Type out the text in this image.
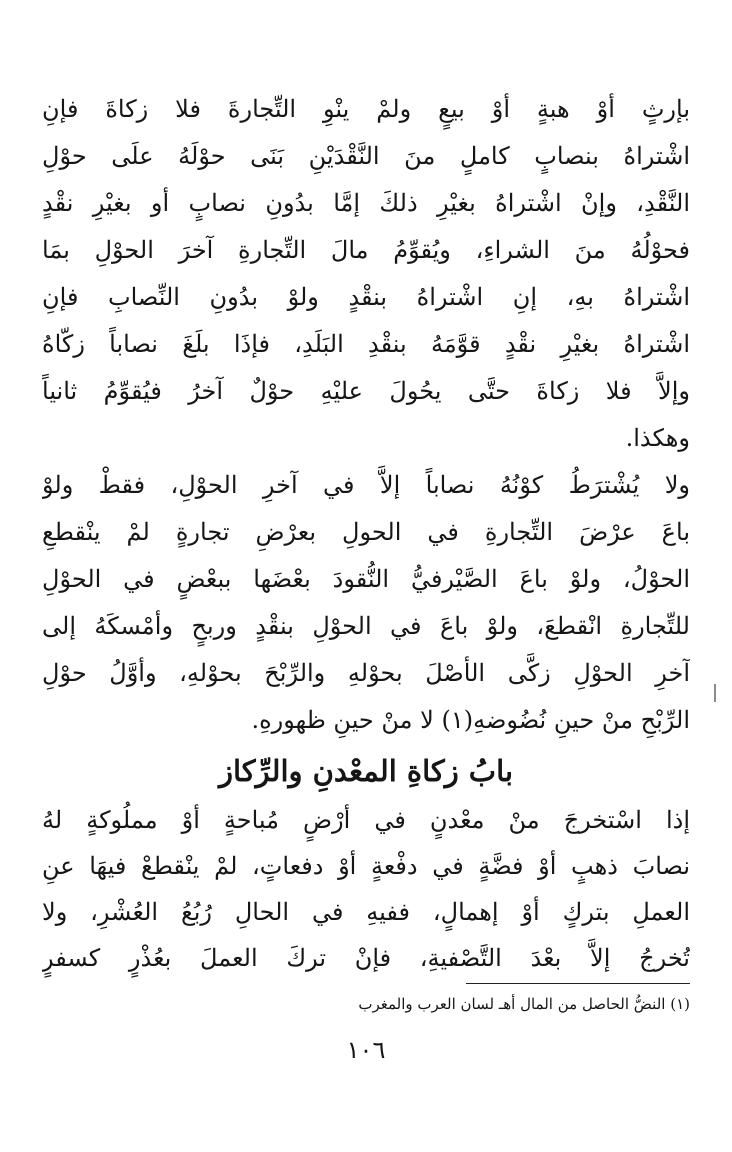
بإرثٍ أوْ هبةٍ أوْ بيعٍ ولمْ ينْوِ التِّجارةَ فلا زكاةَ فإنِ
اشْتراهُ بنصابٍ كاملٍ منَ النَّقْدَيْنِ بَنَى حوْلَهُ علَى حوْلِ
النَّقْدِ، وإنْ اشْتراهُ بغيْرِ ذلكَ إمَّا بدُونِ نصابٍ أو بغيْرِ نقْدٍ
فحوْلُهُ منَ الشراءِ، ويُقوِّمُ مالَ التِّجارةِ آخرَ الحوْلِ بمَا
اشْتراهُ بهِ، إنِ اشْتراهُ بنقْدٍ ولوْ بدُونِ النِّصابِ فإنِ
اشْتراهُ بغيْرِ نقْدٍ قوَّمَهُ بنقْدِ البَلَدِ، فإذَا بلَغَ نصاباً زكّاهُ
وإلاَّ فلا زكاةَ حتَّى يحُولَ عليْهِ حوْلٌ آخرُ فيُقوِّمُ ثانياً
وهكذا.
ولا يُشْترَطُ كوْنُهُ نصاباً إلاَّ في آخرِ الحوْلِ، فقطْ ولوْ
باعَ عرْضَ التِّجارةِ في الحولِ بعرْضِ تجارةٍ لمْ ينْقطعِ
الحوْلُ، ولوْ باعَ الصَّيْرفيُّ النُّقودَ بعْضَها ببعْضٍ في الحوْلِ
للتِّجارةِ انْقطعَ، ولوْ باعَ في الحوْلِ بنقْدٍ وربحٍ وأمْسكَهُ إلى
آخرِ الحوْلِ زكَّى الأصْلَ بحوْلهِ والرِّبْحَ بحوْلهِ، وأوَّلُ حوْلِ
الرِّبْحِ منْ حينِ نُضُوضهِ(١) لا منْ حينِ ظهورهِ.
بابُ زكاةِ المعْدنِ والرِّكاز
إذا اسْتخرجَ منْ معْدنٍ في أرْضٍ مُباحةٍ أوْ مملُوكةٍ لهُ
نصابَ ذهبٍ أوْ فضَّةٍ في دفْعةٍ أوْ دفعاتٍ، لمْ ينْقطعْ فيهَا عنِ
العملِ بتركٍ أوْ إهمالٍ، ففيهِ في الحالِ رُبُعُ العُشْرِ، ولا
تُخرجُ إلاَّ بعْدَ التَّصْفيةِ، فإنْ تركَ العملَ بعُذْرٍ كسفرٍ
(١) النضُّ الحاصل من المال أهـ لسان العرب والمغرب
١٠٦
